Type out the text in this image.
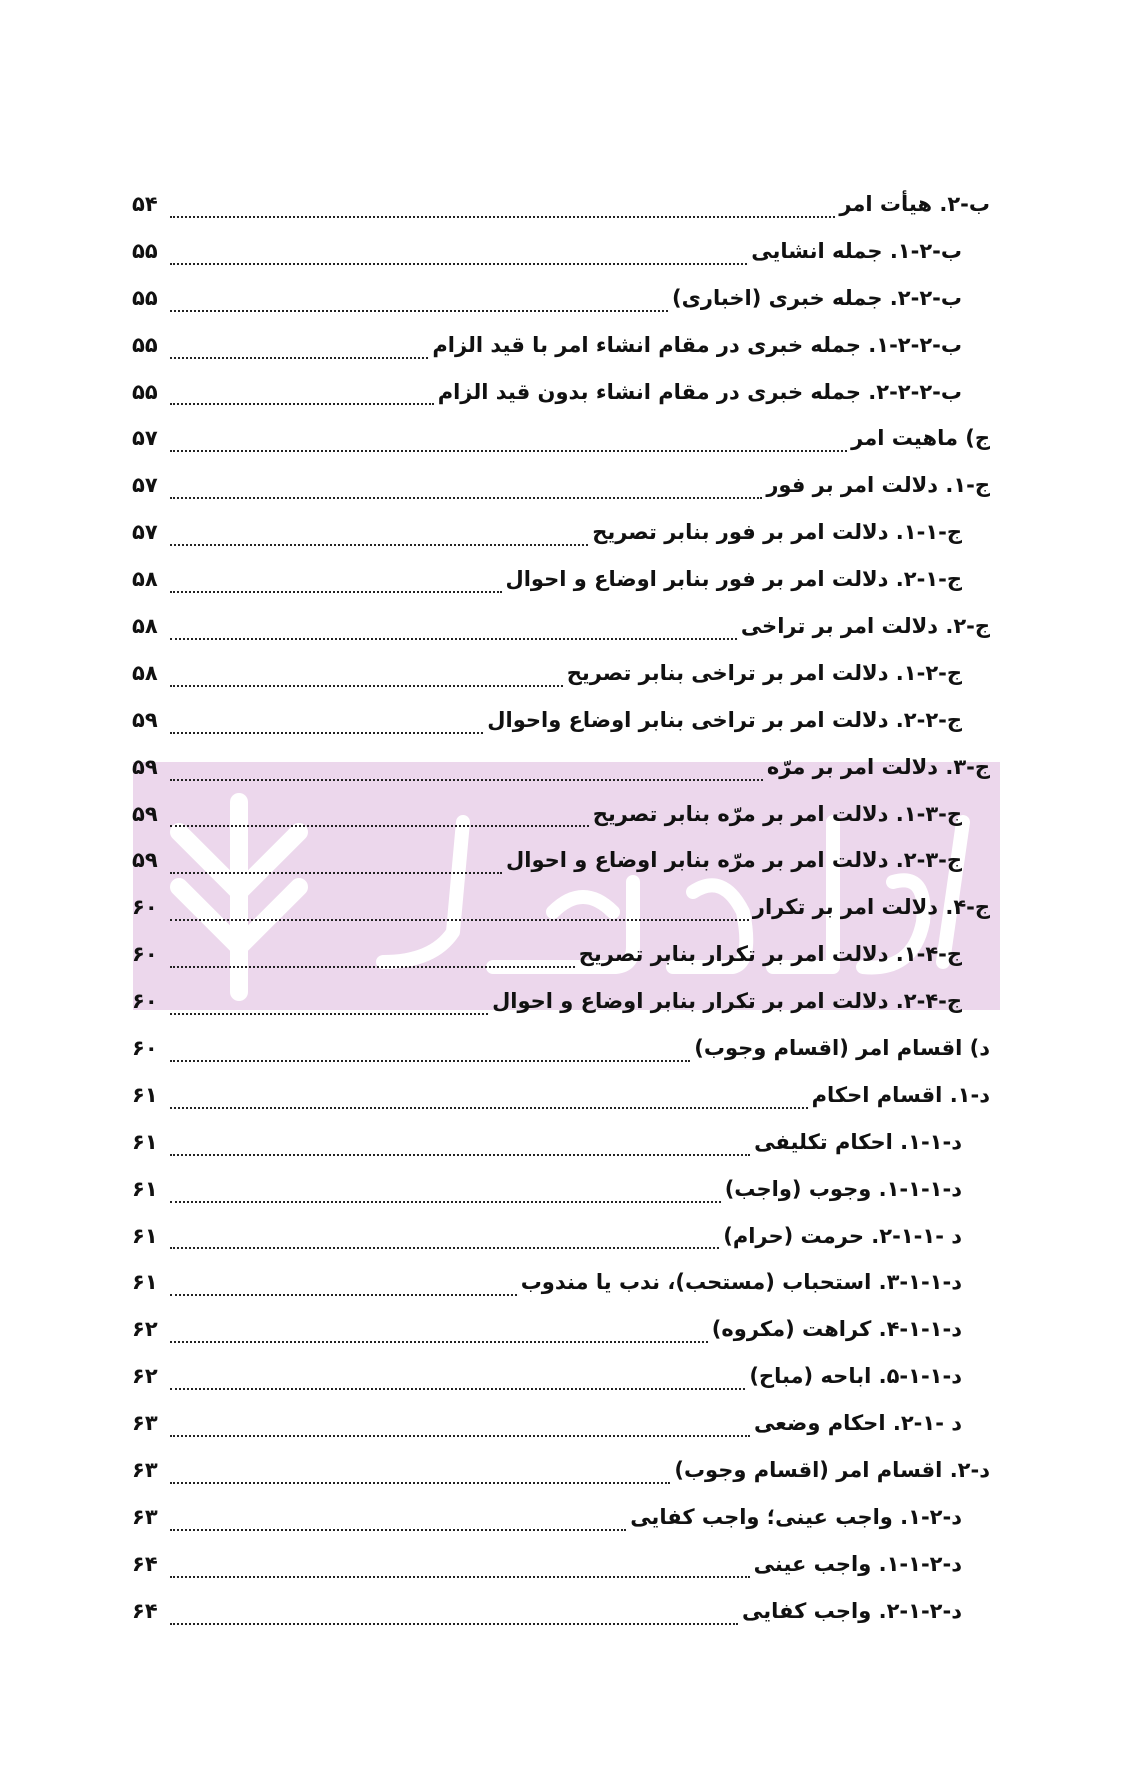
ب-۲. هیأت امر
۵۴
ب-۲-۱. جمله انشایی
۵۵
ب-۲-۲. جمله خبری (اخباری)
۵۵
ب-۲-۲-۱. جمله خبری در مقام انشاء امر با قید الزام
۵۵
ب-۲-۲-۲. جمله خبری در مقام انشاء بدون قید الزام
۵۵
ج) ماهیت امر
۵۷
ج-۱. دلالت امر بر فور
۵۷
ج-۱-۱. دلالت امر بر فور بنابر تصریح
۵۷
ج-۱-۲. دلالت امر بر فور بنابر اوضاع و احوال
۵۸
ج-۲. دلالت امر بر تراخی
۵۸
ج-۲-۱. دلالت امر بر تراخی بنابر تصریح
۵۸
ج-۲-۲. دلالت امر بر تراخی بنابر اوضاع واحوال
۵۹
ج-۳. دلالت امر بر مرّه
۵۹
ج-۳-۱. دلالت امر بر مرّه بنابر تصریح
۵۹
ج-۳-۲. دلالت امر بر مرّه بنابر اوضاع و احوال
۵۹
ج-۴. دلالت امر بر تکرار
۶۰
ج-۴-۱. دلالت امر بر تکرار بنابر تصریح
۶۰
ج-۴-۲. دلالت امر بر تکرار بنابر اوضاع و احوال
۶۰
د) اقسام امر (اقسام وجوب)
۶۰
د-۱. اقسام احکام
۶۱
د-۱-۱. احکام تکلیفی
۶۱
د-۱-۱-۱. وجوب (واجب)
۶۱
د -۱-۱-۲. حرمت (حرام)
۶۱
د-۱-۱-۳. استحباب (مستحب)، ندب یا مندوب
۶۱
د-۱-۱-۴. کراهت (مکروه)
۶۲
د-۱-۱-۵. اباحه (مباح)
۶۲
د -۱-۲. احکام وضعی
۶۳
د-۲. اقسام امر (اقسام وجوب)
۶۳
د-۲-۱. واجب عینی؛ واجب کفایی
۶۳
د-۲-۱-۱. واجب عینی
۶۴
د-۲-۱-۲. واجب کفایی
۶۴
